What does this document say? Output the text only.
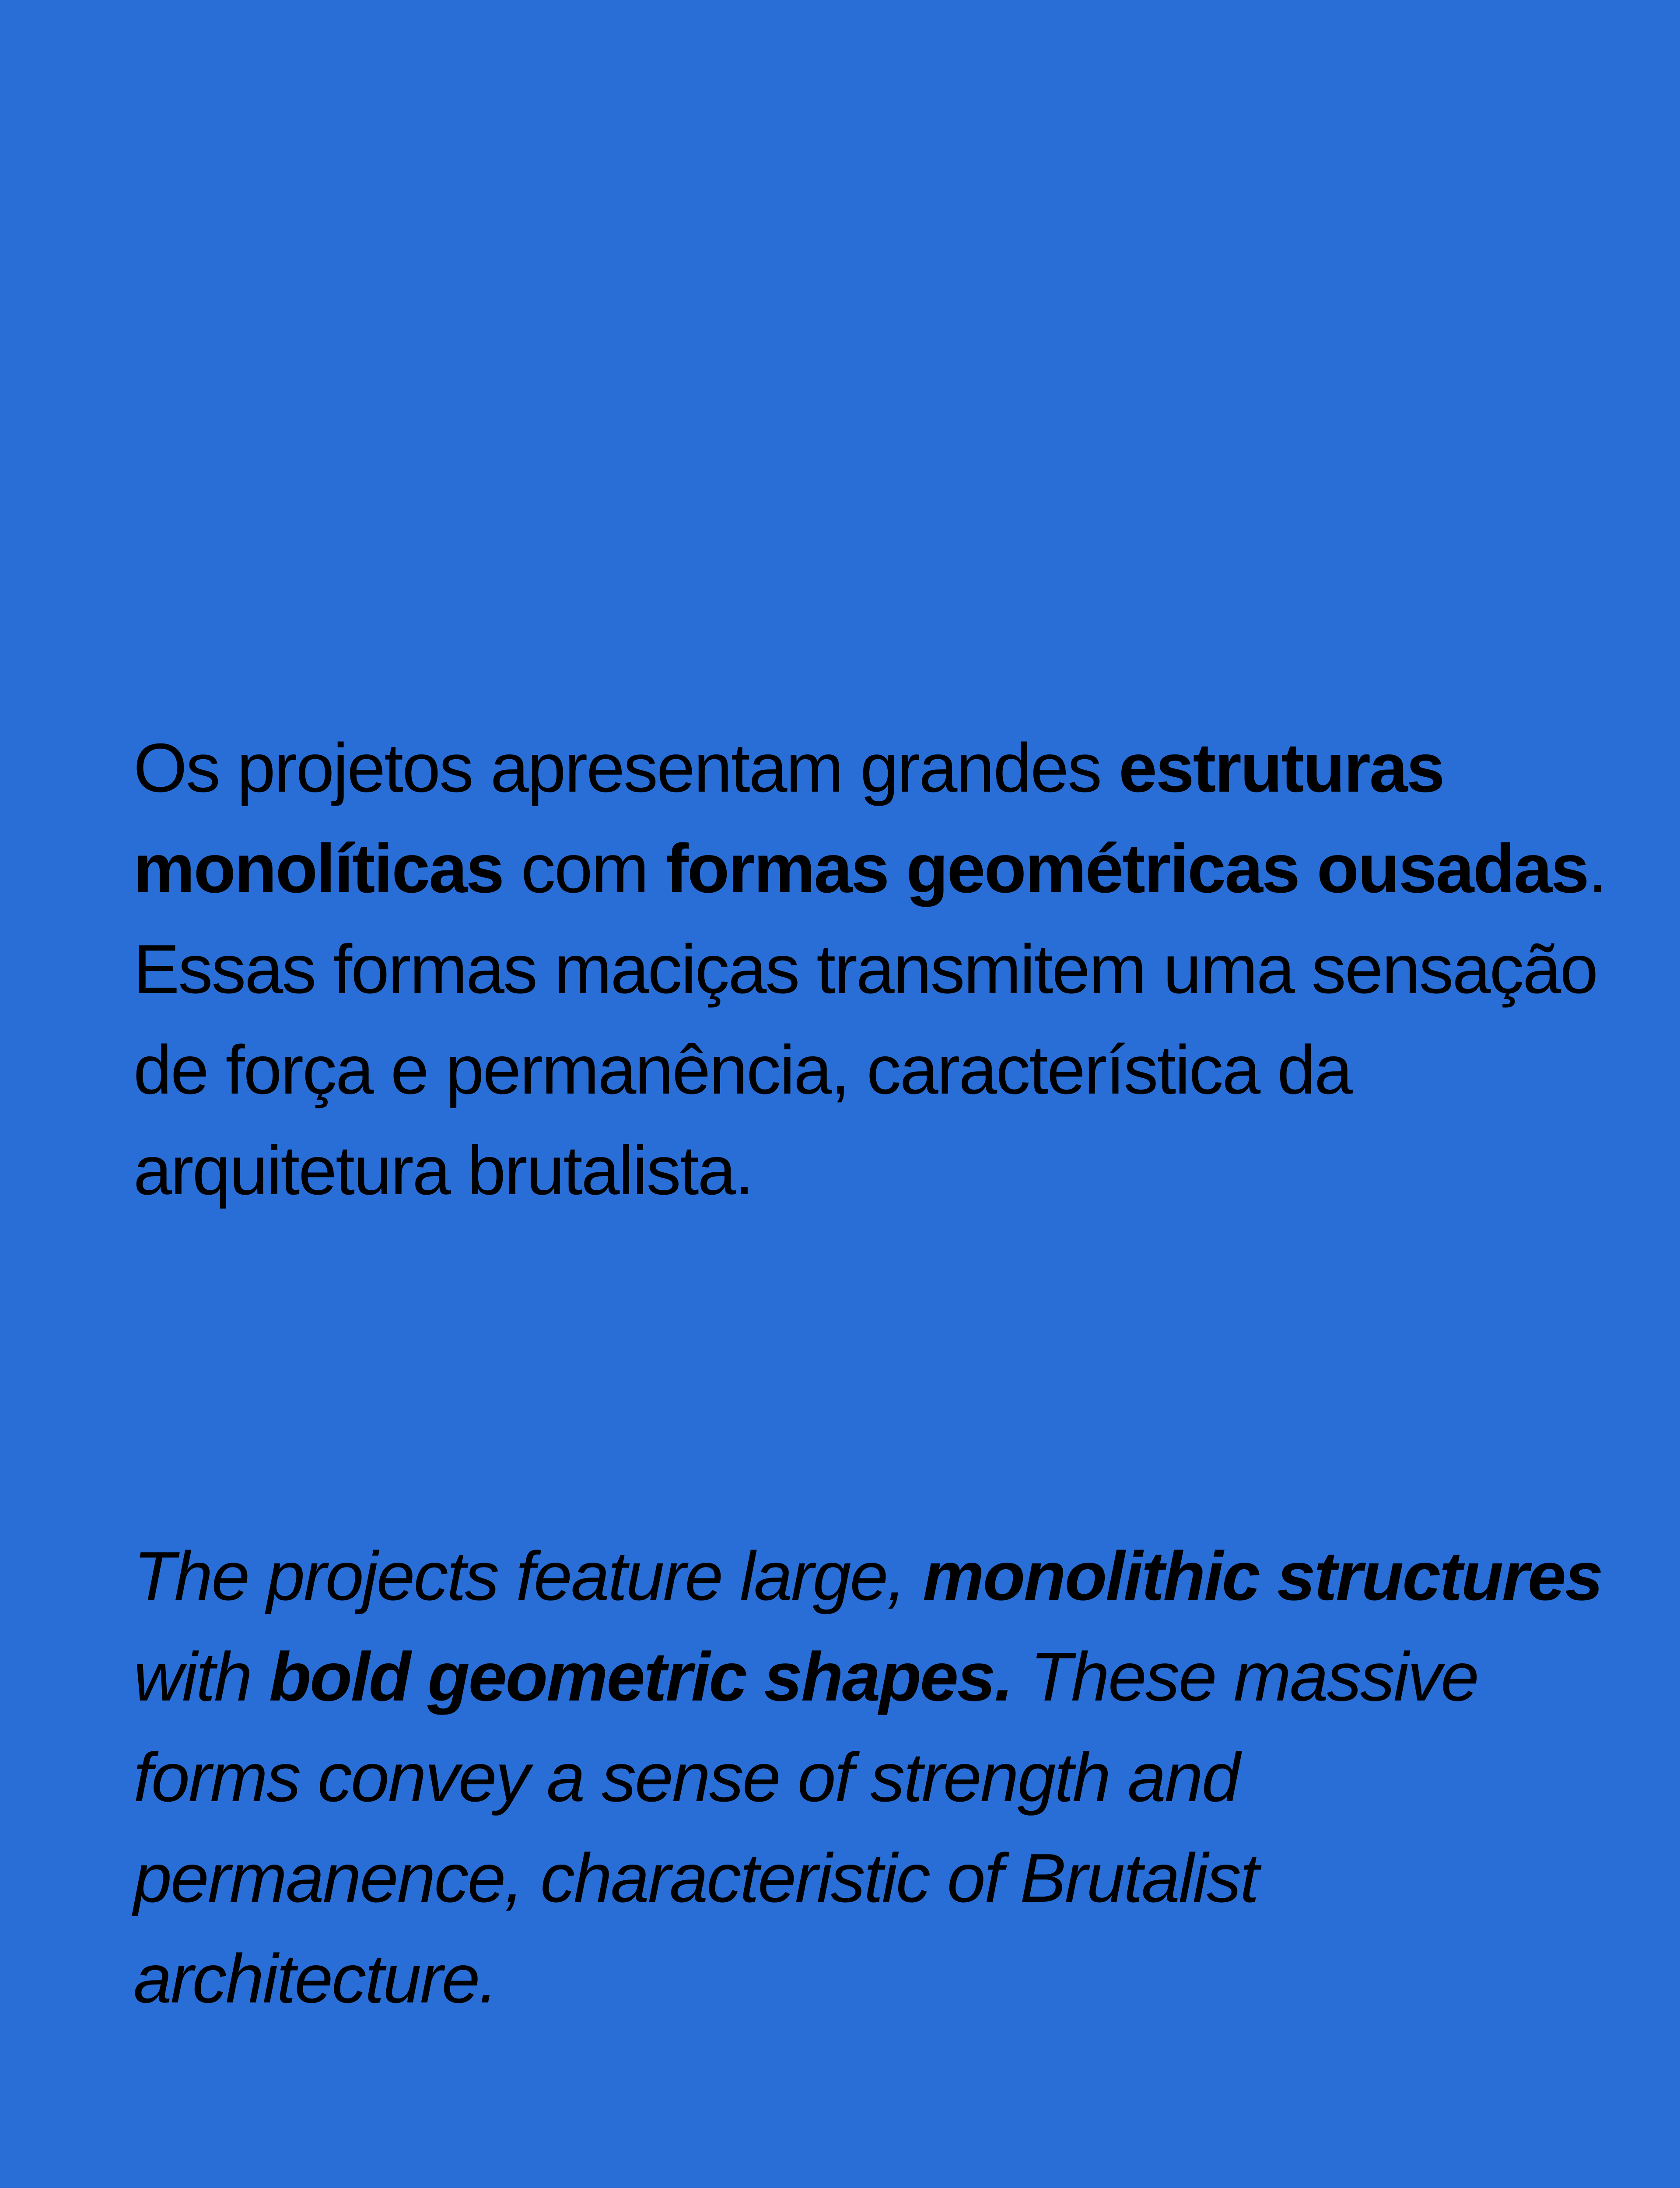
Os projetos apresentam grandes estruturas monolíticas com formas geométricas ousadas. Essas formas maciças transmitem uma sensação de força e permanência, característica da arquitetura brutalista.

The projects feature large, monolithic structures with bold geometric shapes. These massive forms convey a sense of strength and permanence, characteristic of Brutalist architecture.
